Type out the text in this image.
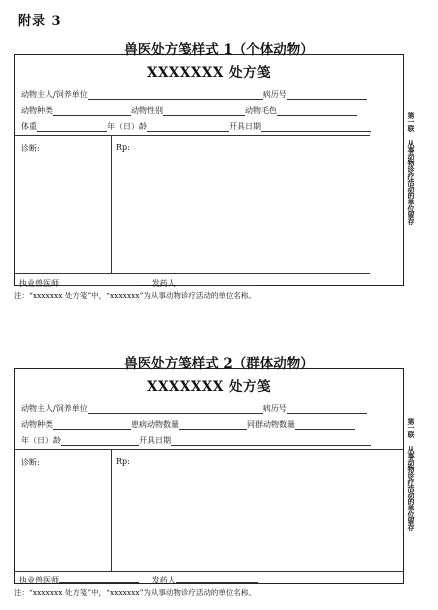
附录 3
兽医处方笺样式 1（个体动物）
XXXXXXX 处方笺
动物主人/饲养单位	病历号
动物种类	动物性别	动物毛色
体重	年（日）龄	开具日期
诊断:	Rp:
执业兽医师	发药人
第一联
从事动物诊疗活动的单位留存
注：“xxxxxxx 处方笺”中，“xxxxxxx”为从事动物诊疗活动的单位名称。
兽医处方笺样式 2（群体动物）
XXXXXXX 处方笺
动物主人/饲养单位	病历号
动物种类	患病动物数量	同群动物数量
年（日）龄	开具日期
诊断:	Rp:
执业兽医师	发药人
第一联
从事动物诊疗活动的单位留存
注：“xxxxxxx 处方笺”中，“xxxxxxx”为从事动物诊疗活动的单位名称。
